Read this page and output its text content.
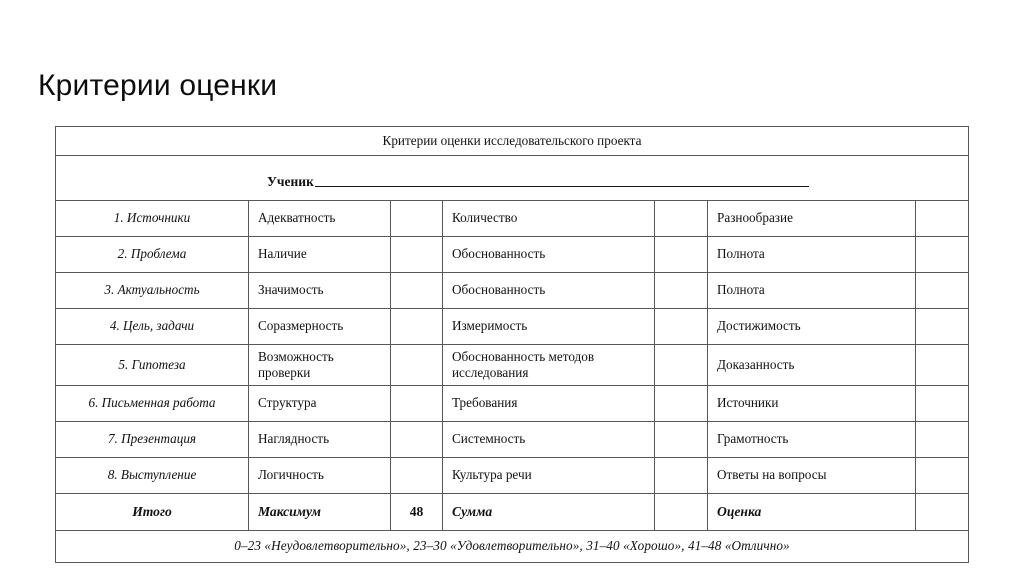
Критерии оценки
Критерии оценки исследовательского проекта						

Ученик						

1. Источники	Адекватность		Количество		Разнообразие	
2. Проблема	Наличие		Обоснованность		Полнота	
3. Актуальность	Значимость		Обоснованность		Полнота	
4. Цель, задачи	Соразмерность		Измеримость		Достижимость	
5. Гипотеза	Возможность проверки		Обоснованность методов исследования		Доказанность	
6. Письменная работа	Структура		Требования		Источники	
7. Презентация	Наглядность		Системность		Грамотность	
8. Выступление	Логичность		Культура речи		Ответы на вопросы	
Итого	Максимум	48	Сумма		Оценка	
0–23 «Неудовлетворительно», 23–30 «Удовлетворительно», 31–40 «Хорошо», 41–48 «Отлично»						
